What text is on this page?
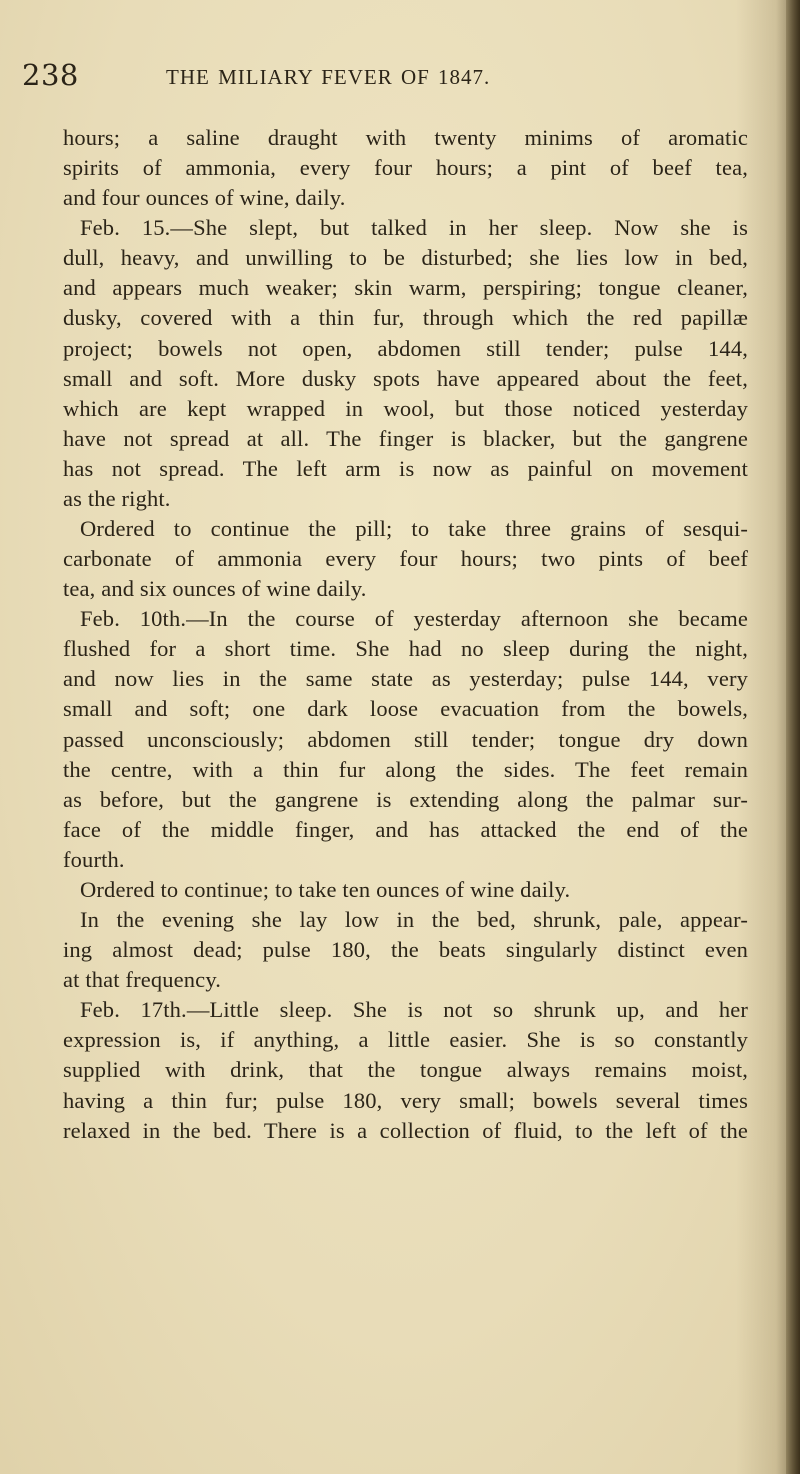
238	THE MILIARY FEVER OF 1847.
hours; a saline draught with twenty minims of aromatic
spirits of ammonia, every four hours; a pint of beef tea,
and four ounces of wine, daily.
Feb. 15.—She slept, but talked in her sleep. Now she is
dull, heavy, and unwilling to be disturbed; she lies low in bed,
and appears much weaker; skin warm, perspiring; tongue cleaner,
dusky, covered with a thin fur, through which the red papillæ
project; bowels not open, abdomen still tender; pulse 144,
small and soft. More dusky spots have appeared about the feet,
which are kept wrapped in wool, but those noticed yesterday
have not spread at all. The finger is blacker, but the gangrene
has not spread. The left arm is now as painful on movement
as the right.
Ordered to continue the pill; to take three grains of sesqui-
carbonate of ammonia every four hours; two pints of beef
tea, and six ounces of wine daily.
Feb. 10th.—In the course of yesterday afternoon she became
flushed for a short time. She had no sleep during the night,
and now lies in the same state as yesterday; pulse 144, very
small and soft; one dark loose evacuation from the bowels,
passed unconsciously; abdomen still tender; tongue dry down
the centre, with a thin fur along the sides. The feet remain
as before, but the gangrene is extending along the palmar sur-
face of the middle finger, and has attacked the end of the
fourth.
Ordered to continue; to take ten ounces of wine daily.
In the evening she lay low in the bed, shrunk, pale, appear-
ing almost dead; pulse 180, the beats singularly distinct even
at that frequency.
Feb. 17th.—Little sleep. She is not so shrunk up, and her
expression is, if anything, a little easier. She is so constantly
supplied with drink, that the tongue always remains moist,
having a thin fur; pulse 180, very small; bowels several times
relaxed in the bed. There is a collection of fluid, to the left of the
